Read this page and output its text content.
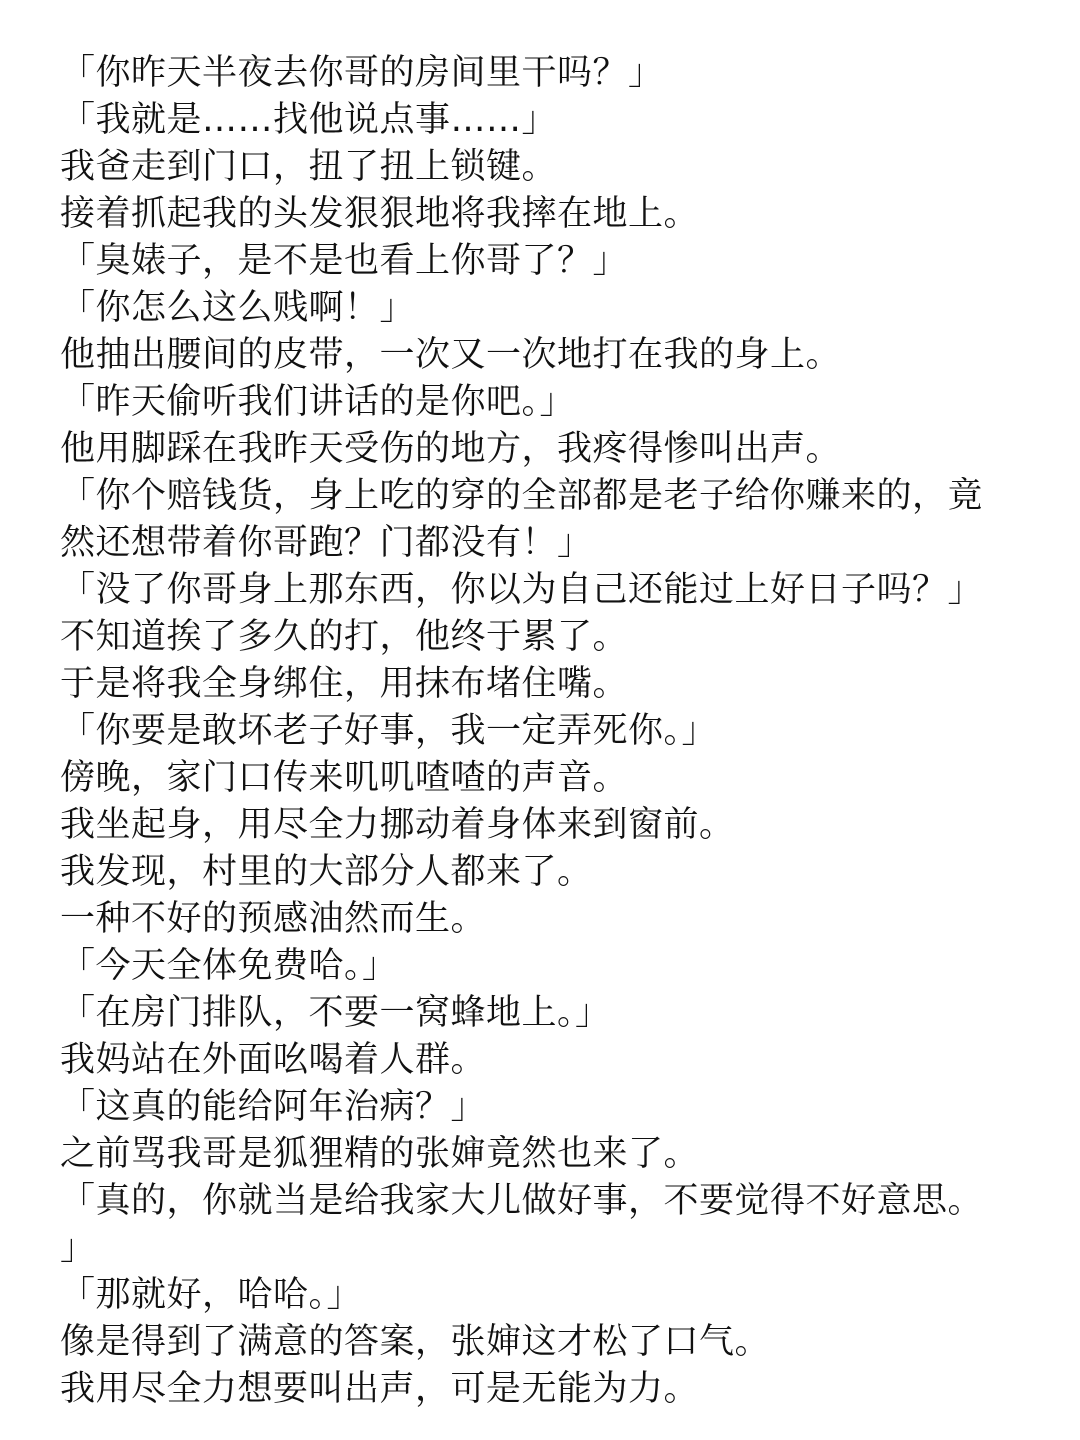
「你昨天半夜去你哥的房间里干吗？」
「我就是……找他说点事……」
我爸走到门口，扭了扭上锁键。
接着抓起我的头发狠狠地将我摔在地上。
「臭婊子，是不是也看上你哥了？」
「你怎么这么贱啊！」
他抽出腰间的皮带，一次又一次地打在我的身上。
「昨天偷听我们讲话的是你吧。」
他用脚踩在我昨天受伤的地方，我疼得惨叫出声。
「你个赔钱货，身上吃的穿的全部都是老子给你赚来的，竟
然还想带着你哥跑？门都没有！」
「没了你哥身上那东西，你以为自己还能过上好日子吗？」
不知道挨了多久的打，他终于累了。
于是将我全身绑住，用抹布堵住嘴。
「你要是敢坏老子好事，我一定弄死你。」
傍晚，家门口传来叽叽喳喳的声音。
我坐起身，用尽全力挪动着身体来到窗前。
我发现，村里的大部分人都来了。
一种不好的预感油然而生。
「今天全体免费哈。」
「在房门排队，不要一窝蜂地上。」
我妈站在外面吆喝着人群。
「这真的能给阿年治病？」
之前骂我哥是狐狸精的张婶竟然也来了。
「真的，你就当是给我家大儿做好事，不要觉得不好意思。
」
「那就好，哈哈。」
像是得到了满意的答案，张婶这才松了口气。
我用尽全力想要叫出声，可是无能为力。
